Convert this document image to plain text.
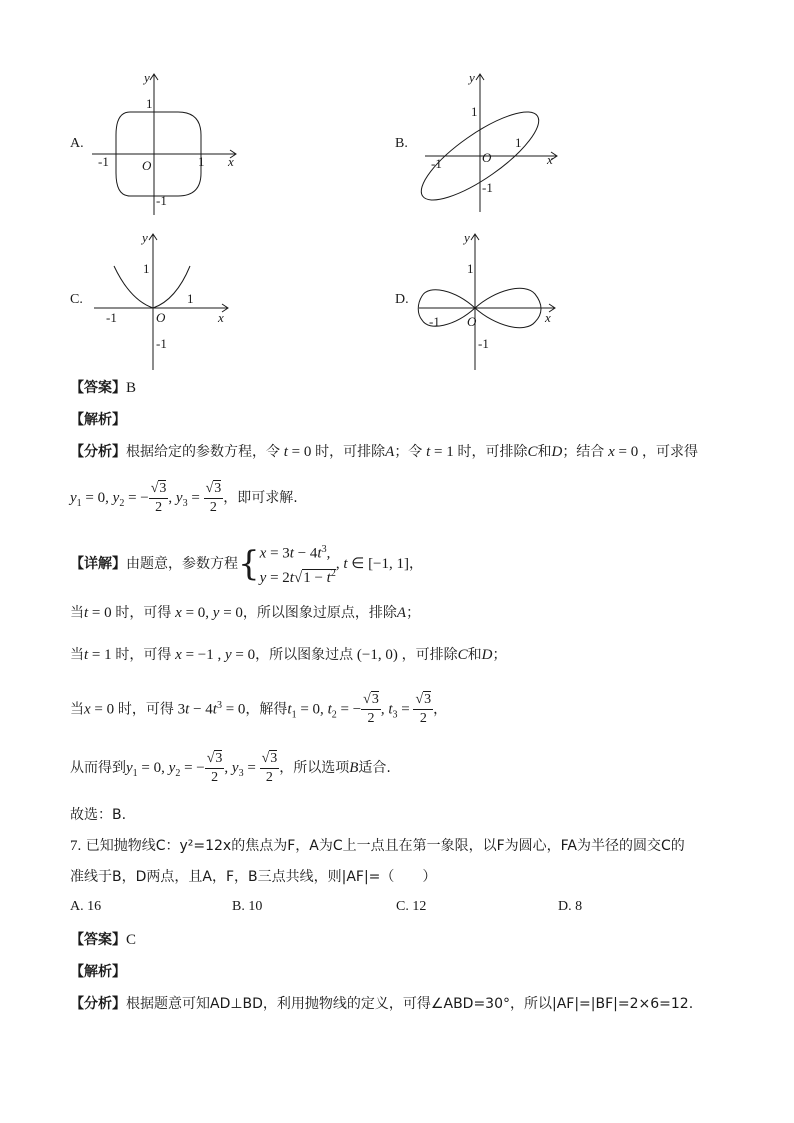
A.
y
x
O	1
-1
1
-1
B.
y
x
O
1
-1
1
-1
C.
y
x
O
1
-1
1
-1
D.
y
x
O
-1
1
-1
【答案】B
【解析】
【分析】根据给定的参数方程，令 t = 0 时，可排除A；令 t = 1 时，可排除C和D；结合 x = 0 ，可求得
$y_1 = 0$, $y_2$ = − $\frac{√3}{2}$ , $y_3 = \frac{√3}{2}$ ，即可求解.
【详解】由题意，参数方程{$x = 3t - 4t^3$,
$y = 2t√1 - t^2$, t ∈ [−1, 1]，
当t = 0 时，可得 x = 0, y = 0，所以图象过原点，排除A；
当t = 1 时，可得 x = −1 , y = 0，所以图象过点 (−1, 0) ，可排除C和D；
当x = 0 时，可得 $3t - 4t^3 = 0$，解得$t_1 = 0$, $t_2$ = − $\frac{√3}{2}$ , $t_3 = \frac{√3}{2}$ ，
从而得到$y_1 = 0$, $y_2$ = − $\frac{√3}{2}$ , $y_3 = \frac{√3}{2}$ ，所以选项B适合.
故选：B.
7. 已知抛物线C：y²=12x的焦点为F，A为C上一点且在第一象限，以F为圆心，FA为半径的圆交C的
准线于B，D两点，且A，F，B三点共线，则|AF|=（　　）
A. 16	B. 10	C. 12	D. 8
【答案】C
【解析】
【分析】根据题意可知AD⊥BD，利用抛物线的定义，可得∠ABD=30°，所以|AF|=|BF|=2×6=12.
